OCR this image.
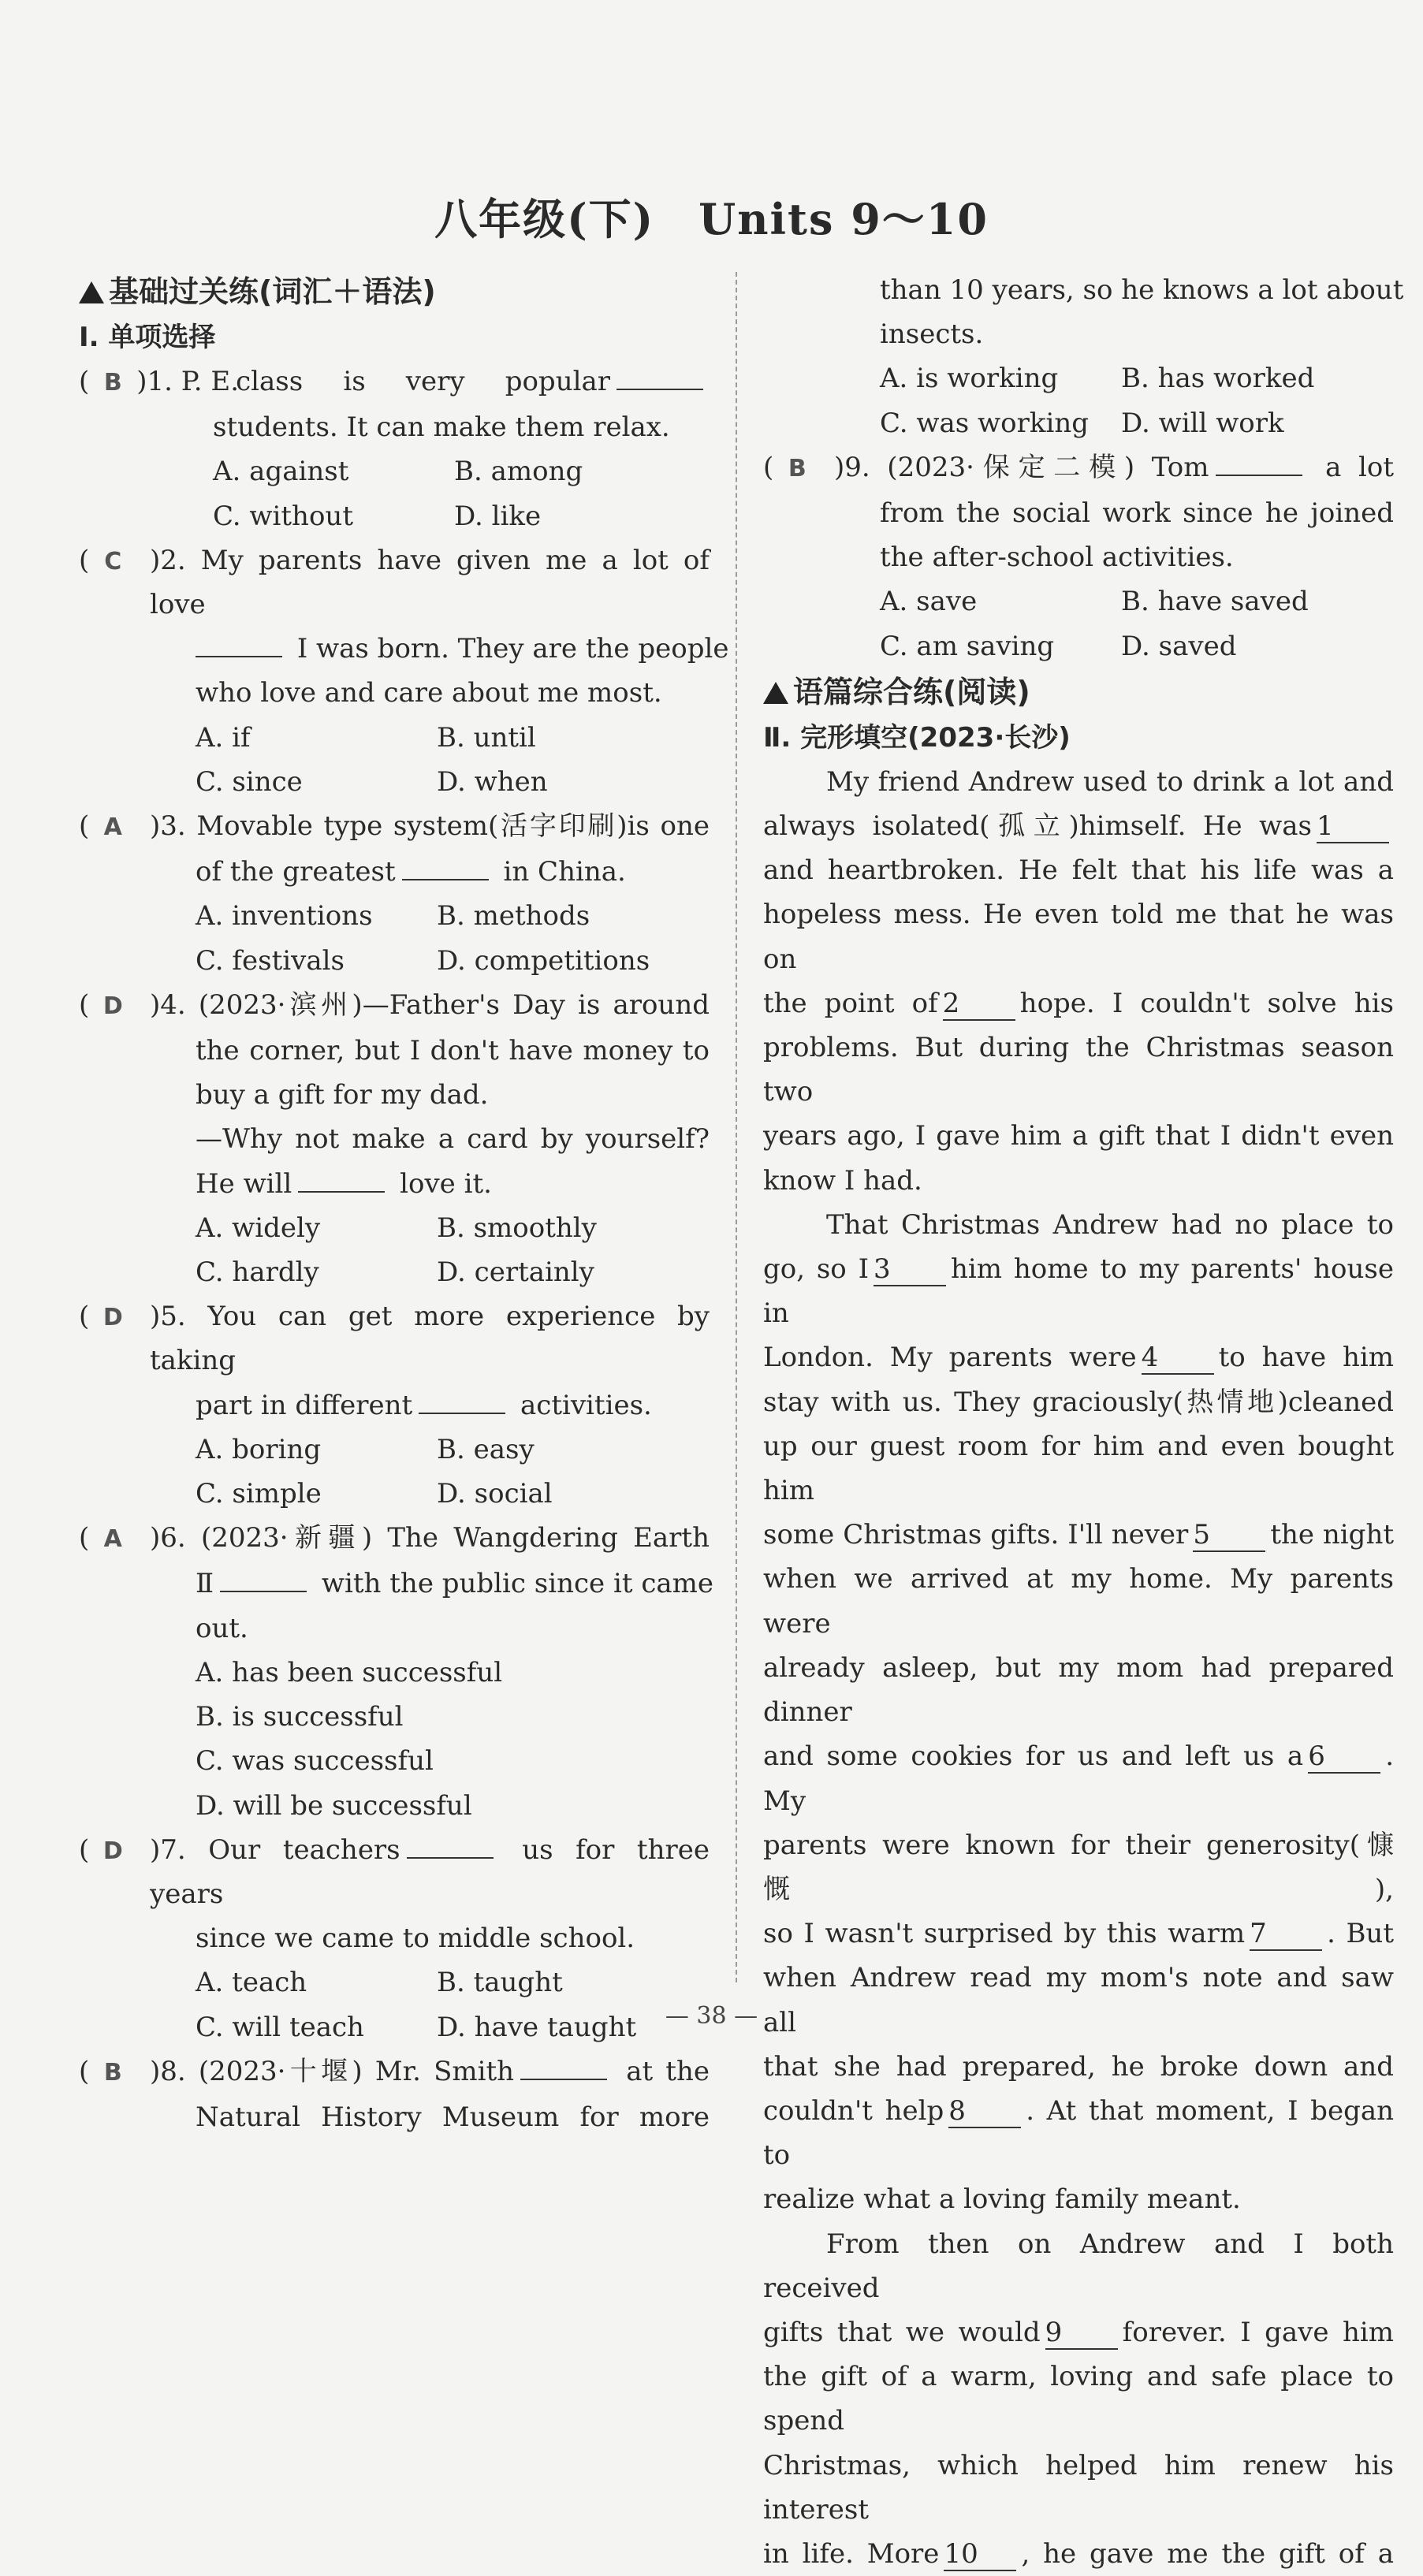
八年级(下)　Units 9～10
基础过关练(词汇＋语法)
Ⅰ. 单项选择
( B )1. P. E.
class is very popular
students. It can make them relax.
A. against	B. among
C. without	D. like
( C	)2. My parents have given me a lot of love
I was born. They are the people
who love and care about me most.
A. if	B. until
C. since	D. when
( A	)3. Movable type system(活字印刷)is one
of the greatest	in China.
A. inventions	B. methods
C. festivals	D. competitions
( D	)4. (2023·滨州)—Father's Day is around
the corner, but I don't have money to
buy a gift for my dad.
—Why not make a card by yourself?
He will	love it.
A. widely	B. smoothly
C. hardly	D. certainly
( D	)5. You can get more experience by taking
part in different	activities.
A. boring	B. easy
C. simple	D. social
( A	)6. (2023·新疆) The Wangdering Earth
Ⅱ	with the public since it came
out.
A. has been successful
B. is successful
C. was successful
D. will be successful
( D	)7. Our teachers	us for three years
since we came to middle school.
A. teach	B. taught
C. will teach	D. have taught
( B	)8. (2023·十堰) Mr. Smith	at the
Natural History Museum for more
than 10 years, so he knows a lot about
insects.
A. is working	B. has worked
C. was working	D. will work
( B	)9. (2023·保定二模) Tom	a lot
from the social work since he joined
the after-school activities.
A. save	B. have saved
C. am saving	D. saved
语篇综合练(阅读)
Ⅱ. 完形填空(2023·长沙)
My friend Andrew used to drink a lot and
always isolated(孤立)himself. He was 1
and heartbroken. He felt that his life was a
hopeless mess. He even told me that he was on
the point of 2 hope. I couldn't solve his
problems. But during the Christmas season two
years ago, I gave him a gift that I didn't even
know I had.
That Christmas Andrew had no place to
go, so I 3 him home to my parents' house in
London. My parents were 4 to have him
stay with us. They graciously(热情地)cleaned
up our guest room for him and even bought him
some Christmas gifts. I'll never 5 the night
when we arrived at my home. My parents were
already asleep, but my mom had prepared dinner
and some cookies for us and left us a 6 . My
parents were known for their generosity(慷慨),
so I wasn't surprised by this warm 7 . But
when Andrew read my mom's note and saw all
that she had prepared, he broke down and
couldn't help 8 . At that moment, I began to
realize what a loving family meant.
From then on Andrew and I both received
gifts that we would 9 forever. I gave him
the gift of a warm, loving and safe place to spend
Christmas, which helped him renew his interest
in life. More 10 , he gave me the gift of a
— 38 —
